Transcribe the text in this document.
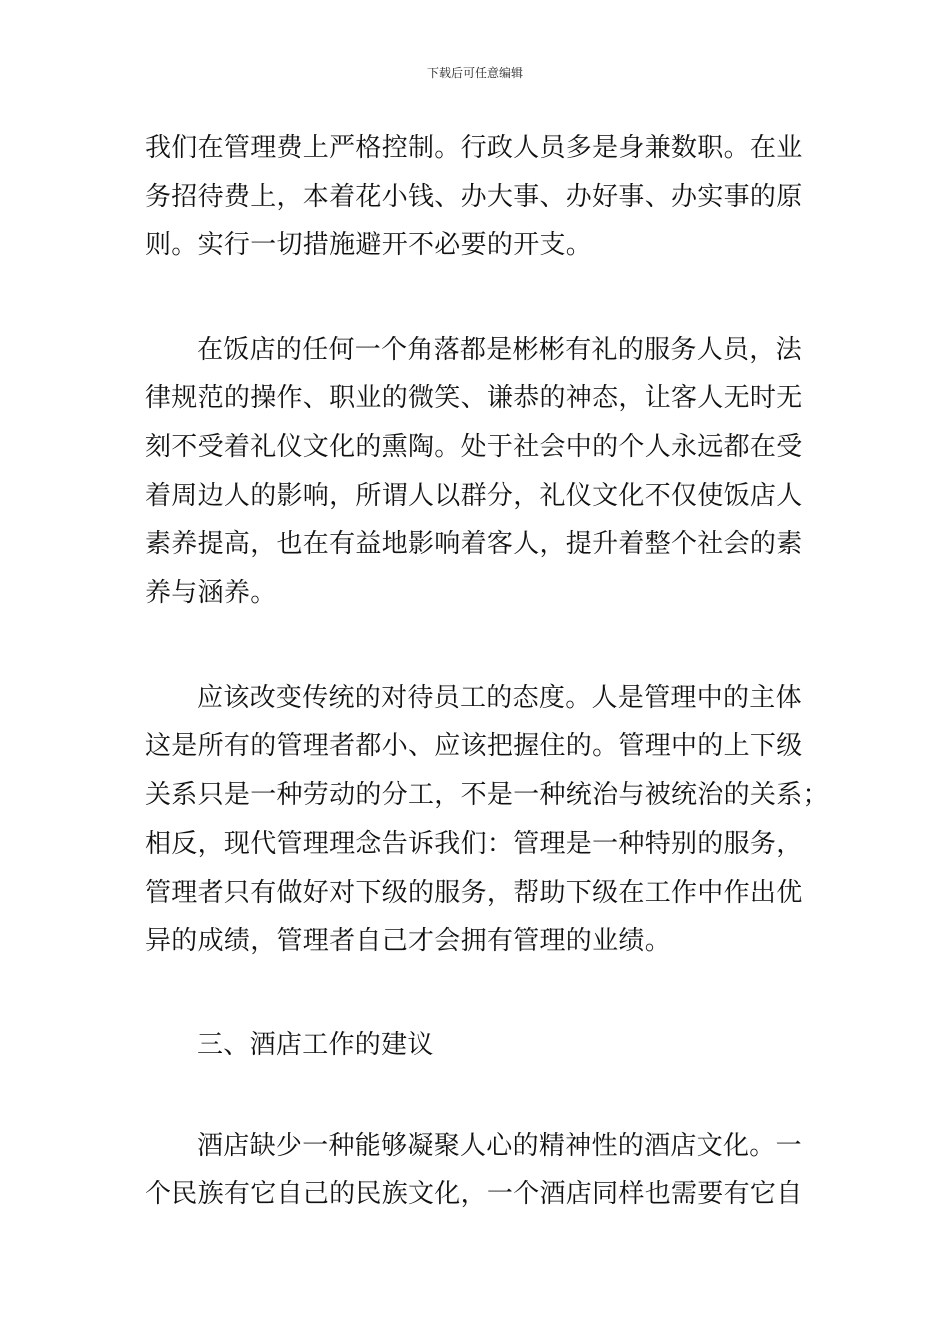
下载后可任意编辑
我们在管理费上严格控制。行政人员多是身兼数职。在业
务招待费上，本着花小钱、办大事、办好事、办实事的原
则。实行一切措施避开不必要的开支。
在饭店的任何一个角落都是彬彬有礼的服务人员，法
律规范的操作、职业的微笑、谦恭的神态，让客人无时无
刻不受着礼仪文化的熏陶。处于社会中的个人永远都在受
着周边人的影响，所谓人以群分，礼仪文化不仅使饭店人
素养提高，也在有益地影响着客人，提升着整个社会的素
养与涵养。
应该改变传统的对待员工的态度。人是管理中的主体
这是所有的管理者都小、应该把握住的。管理中的上下级
关系只是一种劳动的分工，不是一种统治与被统治的关系；
相反，现代管理理念告诉我们：管理是一种特别的服务，
管理者只有做好对下级的服务，帮助下级在工作中作出优
异的成绩，管理者自己才会拥有管理的业绩。
三、酒店工作的建议
酒店缺少一种能够凝聚人心的精神性的酒店文化。一
个民族有它自己的民族文化，一个酒店同样也需要有它自
